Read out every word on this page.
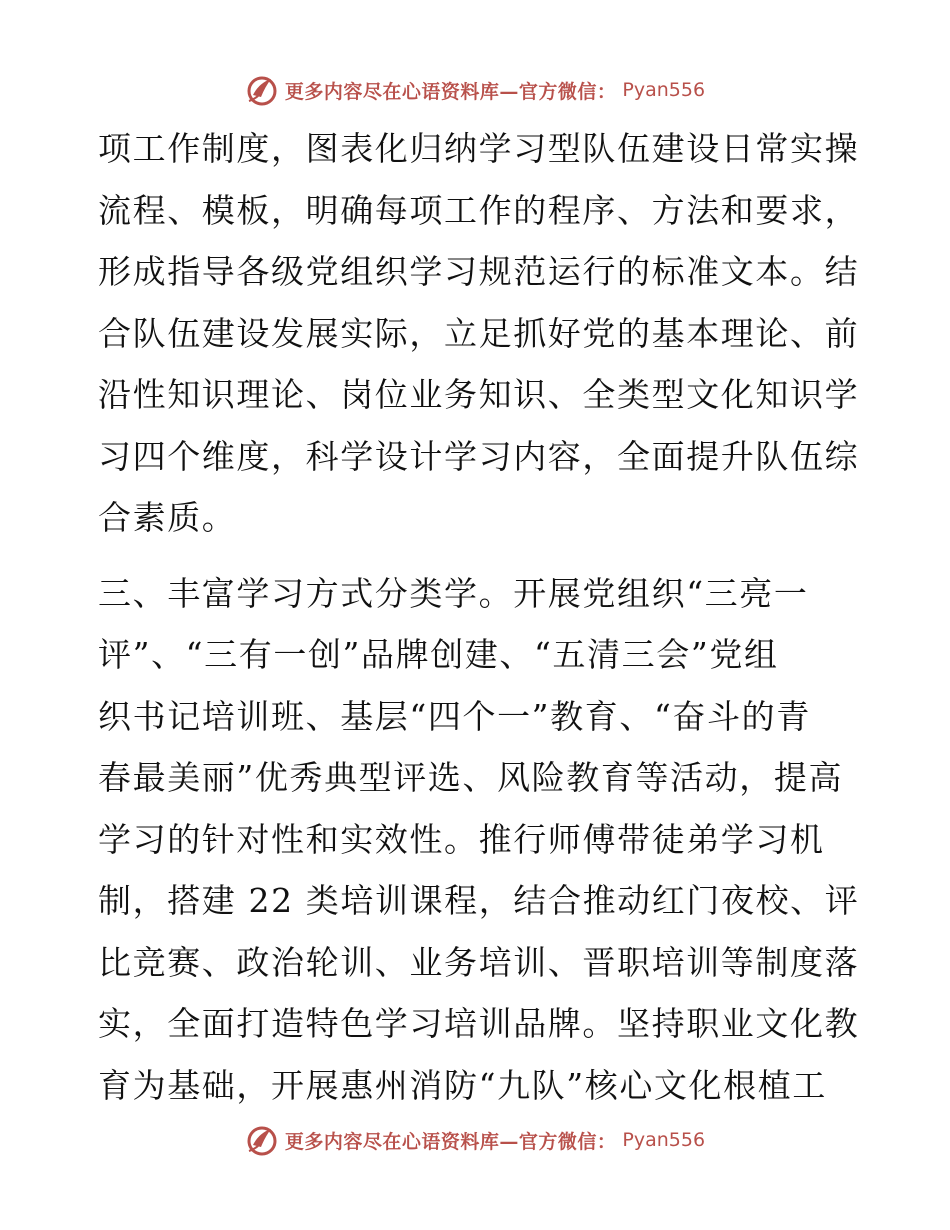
更多内容尽在心语资料库—官方微信： Pyan556
项工作制度，图表化归纳学习型队伍建设日常实操
流程、模板，明确每项工作的程序、方法和要求，
形成指导各级党组织学习规范运行的标准文本。结
合队伍建设发展实际，立足抓好党的基本理论、前
沿性知识理论、岗位业务知识、全类型文化知识学
习四个维度，科学设计学习内容，全面提升队伍综
合素质。
三、丰富学习方式分类学。开展党组织“三亮一
评”、“三有一创”品牌创建、“五清三会”党组
织书记培训班、基层“四个一”教育、“奋斗的青
春最美丽”优秀典型评选、风险教育等活动，提高
学习的针对性和实效性。推行师傅带徒弟学习机
制，搭建 22 类培训课程，结合推动红门夜校、评
比竞赛、政治轮训、业务培训、晋职培训等制度落
实，全面打造特色学习培训品牌。坚持职业文化教
育为基础，开展惠州消防“九队”核心文化根植工
更多内容尽在心语资料库—官方微信： Pyan556
